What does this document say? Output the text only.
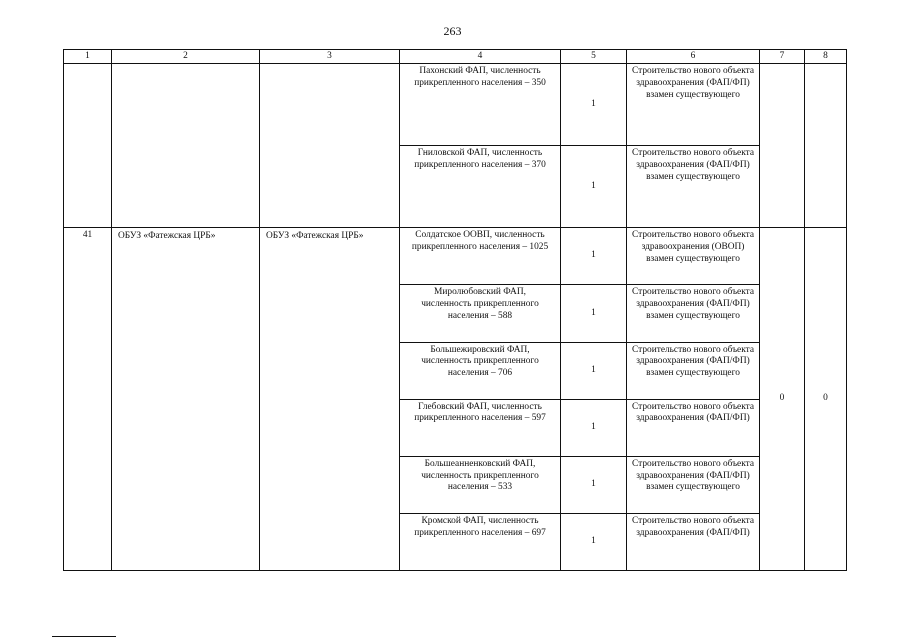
263
1	2	3	4	5	6	7	8
			Пахонский ФАП, численность прикрепленного населения – 350	1	Строительство нового объекта здравоохранения (ФАП/ФП) взамен существующего		
			Гниловской ФАП, численность прикрепленного населения – 370	1	Строительство нового объекта здравоохранения (ФАП/ФП) взамен существующего		
41	ОБУЗ «Фатежская ЦРБ»	ОБУЗ «Фатежская ЦРБ»	Солдатское ООВП, численность прикрепленного населения – 1025	1	Строительство нового объекта здравоохранения (ОВОП) взамен существующего	0	0
			Миролюбовский ФАП, численность прикрепленного населения – 588	1	Строительство нового объекта здравоохранения (ФАП/ФП) взамен существующего		
			Большежировский ФАП, численность прикрепленного населения – 706	1	Строительство нового объекта здравоохранения (ФАП/ФП) взамен существующего		
			Глебовский ФАП, численность прикрепленного населения – 597	1	Строительство нового объекта здравоохранения (ФАП/ФП)		
			Большеанненковский ФАП, численность прикрепленного населения – 533	1	Строительство нового объекта здравоохранения (ФАП/ФП) взамен существующего		
			Кромской ФАП, численность прикрепленного населения – 697	1	Строительство нового объекта здравоохранения (ФАП/ФП)		
